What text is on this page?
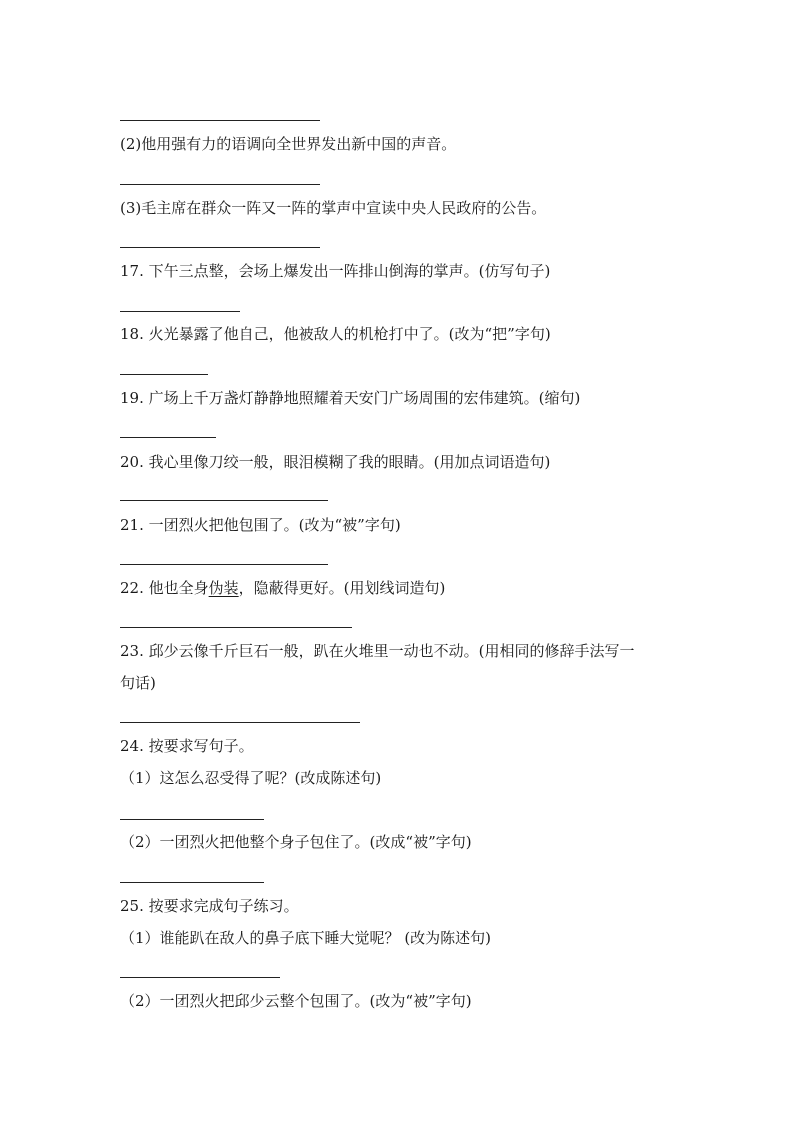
(2)他用强有力的语调向全世界发出新中国的声音。
(3)毛主席在群众一阵又一阵的掌声中宣读中央人民政府的公告。
17. 下午三点整，会场上爆发出一阵排山倒海的掌声。(仿写句子)
18. 火光暴露了他自己，他被敌人的机枪打中了。(改为“把”字句)
19. 广场上千万盏灯静静地照耀着天安门广场周围的宏伟建筑。(缩句)
20. 我心里像刀绞一般，眼泪模糊了我的眼睛。(用加点词语造句)
21. 一团烈火把他包围了。(改为“被”字句)
22. 他也全身伪装，隐蔽得更好。(用划线词造句)
23. 邱少云像千斤巨石一般，趴在火堆里一动也不动。(用相同的修辞手法写一
句话)
24. 按要求写句子。
（1）这怎么忍受得了呢？(改成陈述句)
（2）一团烈火把他整个身子包住了。(改成“被”字句)
25. 按要求完成句子练习。
（1）谁能趴在敌人的鼻子底下睡大觉呢？ (改为陈述句)
（2）一团烈火把邱少云整个包围了。(改为“被”字句)
